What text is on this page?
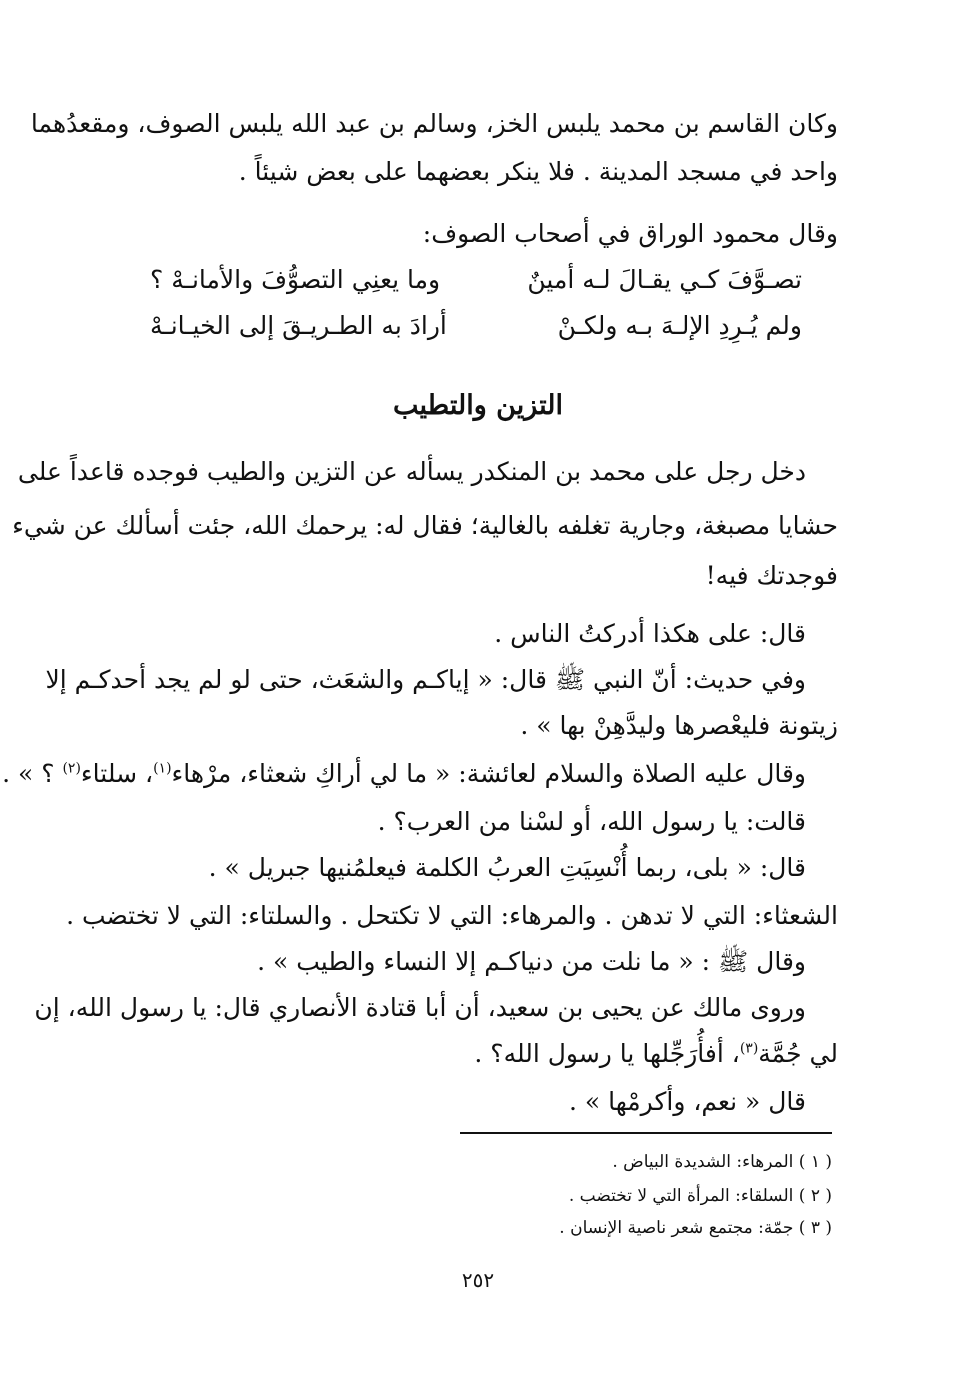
وكان القاسم بن محمد يلبس الخز، وسالم بن عبد الله يلبس الصوف، ومقعدُهما
واحد في مسجد المدينة . فلا ينكر بعضهما على بعض شيئاً .
وقال محمود الوراق في أصحاب الصوف:
تصـوَّفَ كـي يقـالَ لـه أمينٌ
وما يعنِي التصوُّفَ والأمانـهْ ؟
ولم يُـرِدِ الإلـهَ بـه ولكـنْ
أرادَ به الطـريـقَ إلى الخيـانـهْ
التزين والتطيب
دخل رجل على محمد بن المنكدر يسأله عن التزين والطيب فوجده قاعداً على
حشايا مصبغة، وجارية تغلفه بالغالية؛ فقال له: يرحمك الله، جئت أسألك عن شيء
فوجدتك فيه!
قال: على هكذا أدركتُ الناس .
وفي حديث: أنّ النبي ﷺ قال: « إياكـم والشعَث، حتى لو لم يجد أحدكـم إلا
زيتونة فليعْصرها وليدَّهِنْ بها » .
وقال عليه الصلاة والسلام لعائشة: « ما لي أراكِ شعثاء، مرْهاء$^{(١)}$، سلتاء$^{(٢)}$ ؟ » .
قالت: يا رسول الله، أو لسْنا من العرب؟ .
قال: « بلى، ربما أُنْسِيَتِ العربُ الكلمة فيعلمُنيها جبريل » .
الشعثاء: التي لا تدهن . والمرهاء: التي لا تكتحل . والسلتاء: التي لا تختضب .
وقال ﷺ : « ما نلت من دنياكـم إلا النساء والطيب » .
وروى مالك عن يحيى بن سعيد، أن أبا قتادة الأنصاري قال: يا رسول الله، إن
لي جُمَّة$^{(٣)}$، أفأُرَجِّلها يا رسول الله؟ .
قال « نعم، وأكرمْها » .
( ١ ) المرهاء: الشديدة البياض .
( ٢ ) السلقاء: المرأة التي لا تختضب .
( ٣ ) جمّة: مجتمع شعر ناصية الإنسان .
٢٥٢
